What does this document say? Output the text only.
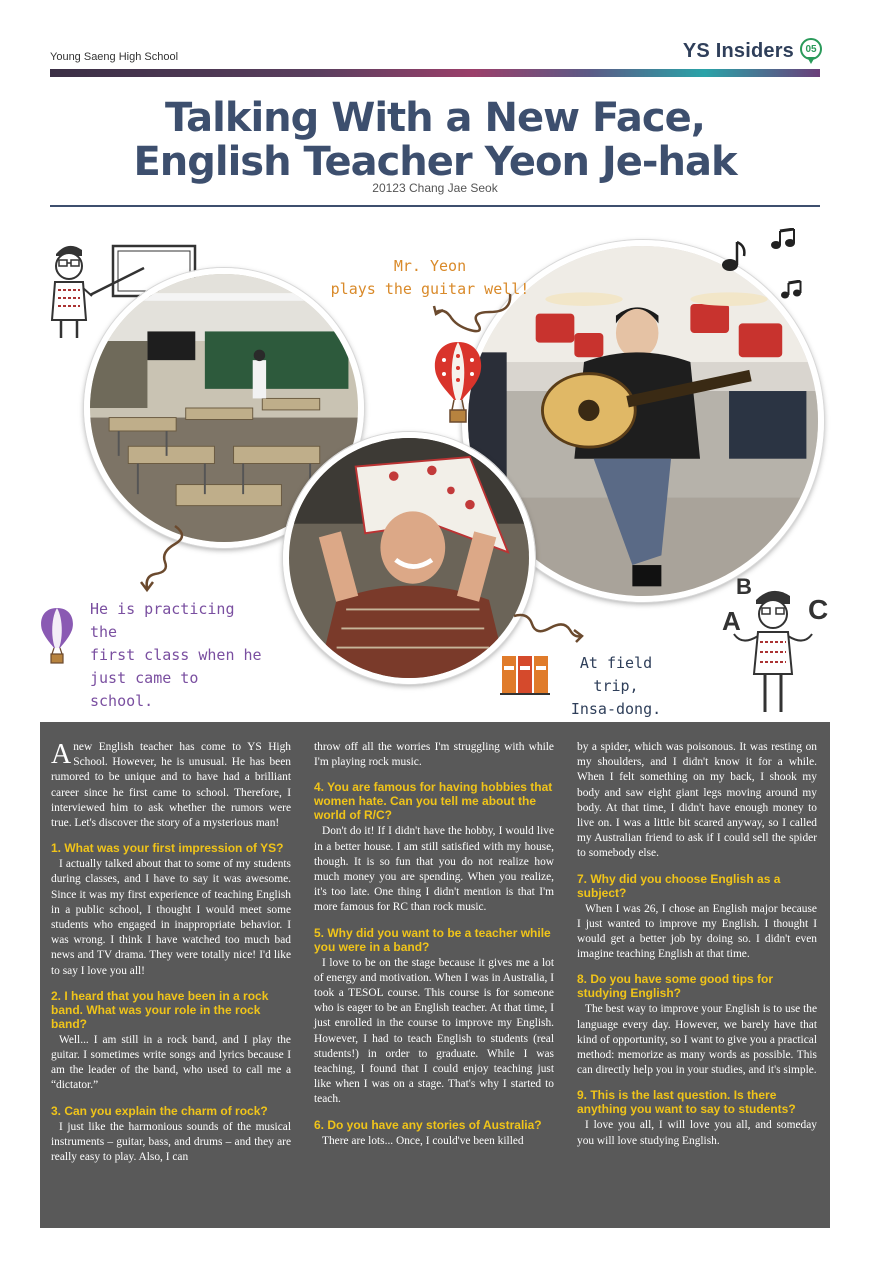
Young Saeng High School	YS Insiders	05
Talking With a New Face,
English Teacher Yeon Je-hak
20123 Chang Jae Seok
Mr. Yeon
plays the guitar well!
He is practicing the
first class when he
just came to school.
At field trip,
Insa-dong.
A
B
C

Anew English teacher has come to YS High School. However, he is unusual. He has been rumored to be unique and to have had a brilliant career since he first came to school. Therefore, I interviewed him to ask whether the rumors were true. Let's discover the story of a mysterious man!

1. What was your first impression of YS?

I actually talked about that to some of my students during classes, and I have to say it was awesome. Since it was my first experience of teaching English in a public school, I thought I would meet some students who engaged in inappropriate behavior. I was wrong. I think I have watched too much bad news and TV drama. They were totally nice! I'd like to say I love you all!

2. I heard that you have been in a rock band. What was your role in the rock band?

Well... I am still in a rock band, and I play the guitar. I sometimes write songs and lyrics because I am the leader of the band, who used to call me a “dictator.”

3. Can you explain the charm of rock?

I just like the harmonious sounds of the musical instruments – guitar, bass, and drums – and they are really easy to play. Also, I can

throw off all the worries I'm struggling with while I'm playing rock music.

4. You are famous for having hobbies that women hate. Can you tell me about the world of R/C?

Don't do it! If I didn't have the hobby, I would live in a better house. I am still satisfied with my house, though. It is so fun that you do not realize how much money you are spending. When you realize, it's too late. One thing I didn't mention is that I'm more famous for RC than rock music.

5. Why did you want to be a teacher while you were in a band?

I love to be on the stage because it gives me a lot of energy and motivation. When I was in Australia, I took a TESOL course. This course is for someone who is eager to be an English teacher. At that time, I just enrolled in the course to improve my English. However, I had to teach English to students (real students!) in order to graduate. While I was teaching, I found that I could enjoy teaching just like when I was on a stage. That's why I started to teach.

6. Do you have any stories of Australia?

There are lots... Once, I could've been killed

by a spider, which was poisonous. It was resting on my shoulders, and I didn't know it for a while. When I felt something on my back, I shook my body and saw eight giant legs moving around my body. At that time, I didn't have enough money to live on. I was a little bit scared anyway, so I called my Australian friend to ask if I could sell the spider to somebody else.

7. Why did you choose English as a subject?

When I was 26, I chose an English major because I just wanted to improve my English. I thought I would get a better job by doing so. I didn't even imagine teaching English at that time.

8. Do you have some good tips for studying English?

The best way to improve your English is to use the language every day. However, we barely have that kind of opportunity, so I want to give you a practical method: memorize as many words as possible. This can directly help you in your studies, and it's simple.

9. This is the last question. Is there anything you want to say to students?

I love you all, I will love you all, and someday you will love studying English.
